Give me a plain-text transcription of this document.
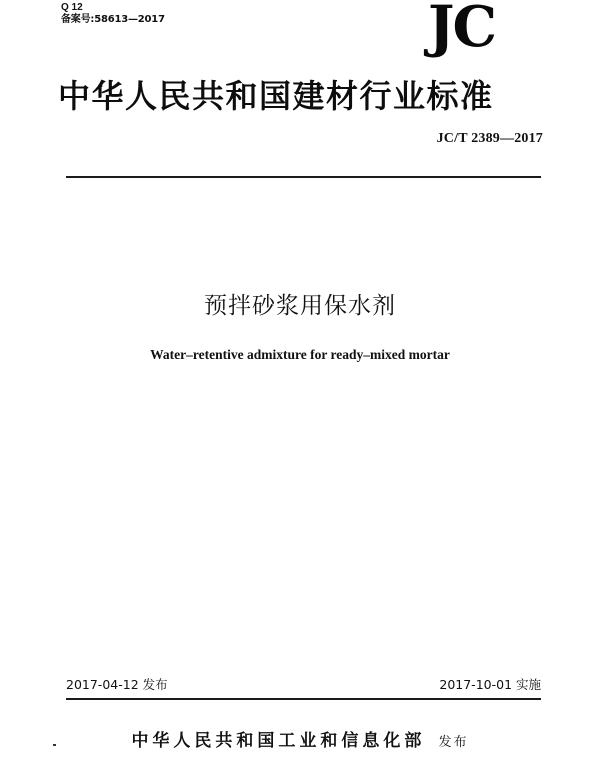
Q 12
备案号:58613—2017	JC
中华人民共和国建材行业标准
JC/T 2389—2017
预拌砂浆用保水剂
Water–retentive admixture for ready–mixed mortar
2017-04-12 发布	2017-10-01 实施
中华人民共和国工业和信息化部 发布
